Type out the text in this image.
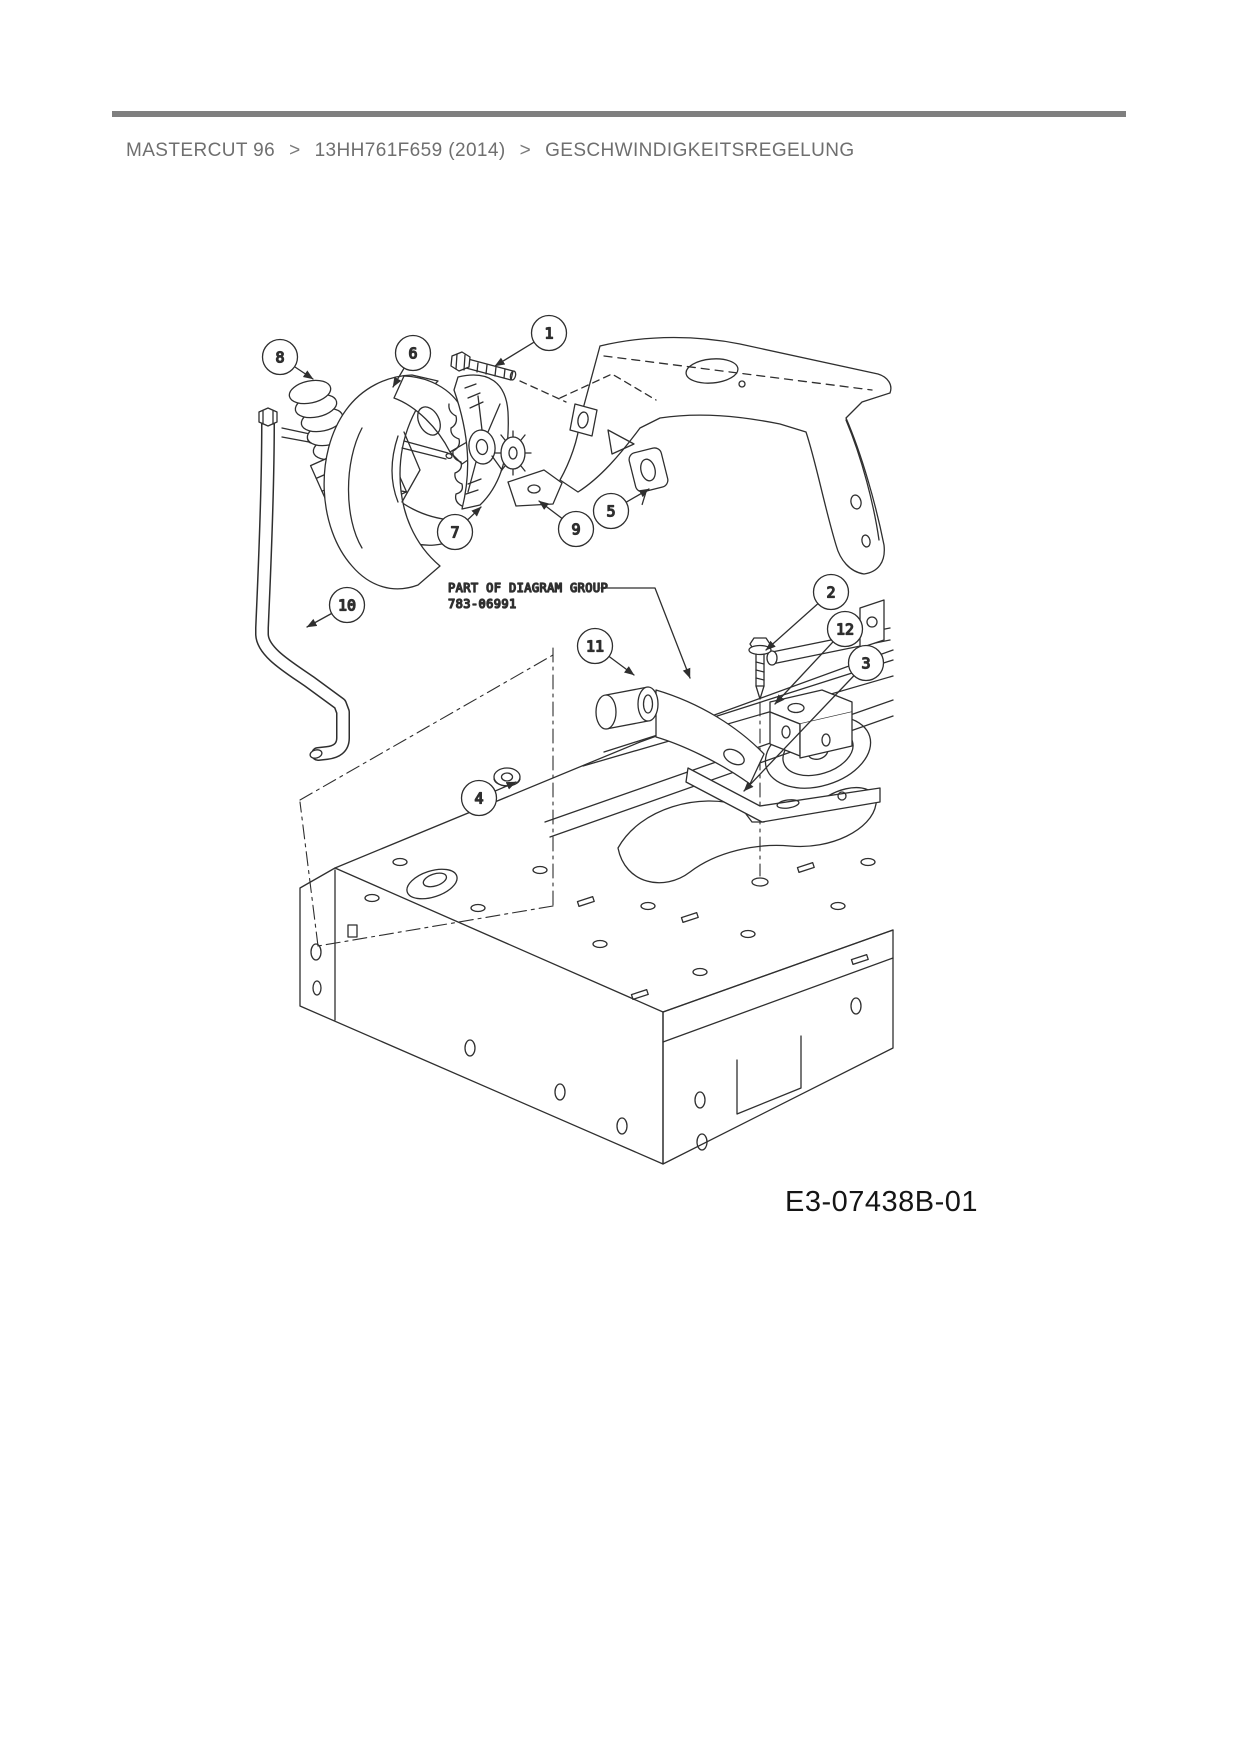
MASTERCUT 96 > 13HH761F659 (2014) > GESCHWINDIGKEITSREGELUNG
PART OF DIAGRAM GROUP
783-06991
1
2
3
4
5
6
7
8
9
10
11
12
E3-07438B-01
